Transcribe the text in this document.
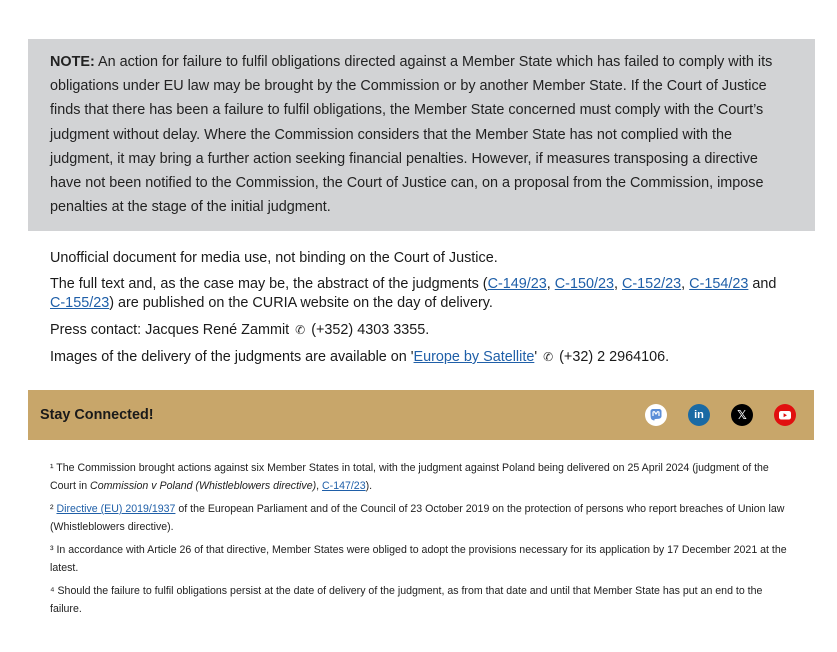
NOTE: An action for failure to fulfil obligations directed against a Member State which has failed to comply with its obligations under EU law may be brought by the Commission or by another Member State. If the Court of Justice finds that there has been a failure to fulfil obligations, the Member State concerned must comply with the Court’s judgment without delay. Where the Commission considers that the Member State has not complied with the judgment, it may bring a further action seeking financial penalties. However, if measures transposing a directive have not been notified to the Commission, the Court of Justice can, on a proposal from the Commission, impose penalties at the stage of the initial judgment.

Unofficial document for media use, not binding on the Court of Justice.

The full text and, as the case may be, the abstract of the judgments (C-149/23, C-150/23, C-152/23, C-154/23 and C-155/23) are published on the CURIA website on the day of delivery.

Press contact: Jacques René Zammit ✆ (+352) 4303 3355.

Images of the delivery of the judgments are available on 'Europe by Satellite' ✆ (+32) 2 2964106.

Stay Connected!	in	𝕏

¹ The Commission brought actions against six Member States in total, with the judgment against Poland being delivered on 25 April 2024 (judgment of the Court in Commission v Poland (Whistleblowers directive), C-147/23).

² Directive (EU) 2019/1937 of the European Parliament and of the Council of 23 October 2019 on the protection of persons who report breaches of Union law (Whistleblowers directive).

³ In accordance with Article 26 of that directive, Member States were obliged to adopt the provisions necessary for its application by 17 December 2021 at the latest.

⁴ Should the failure to fulfil obligations persist at the date of delivery of the judgment, as from that date and until that Member State has put an end to the failure.
